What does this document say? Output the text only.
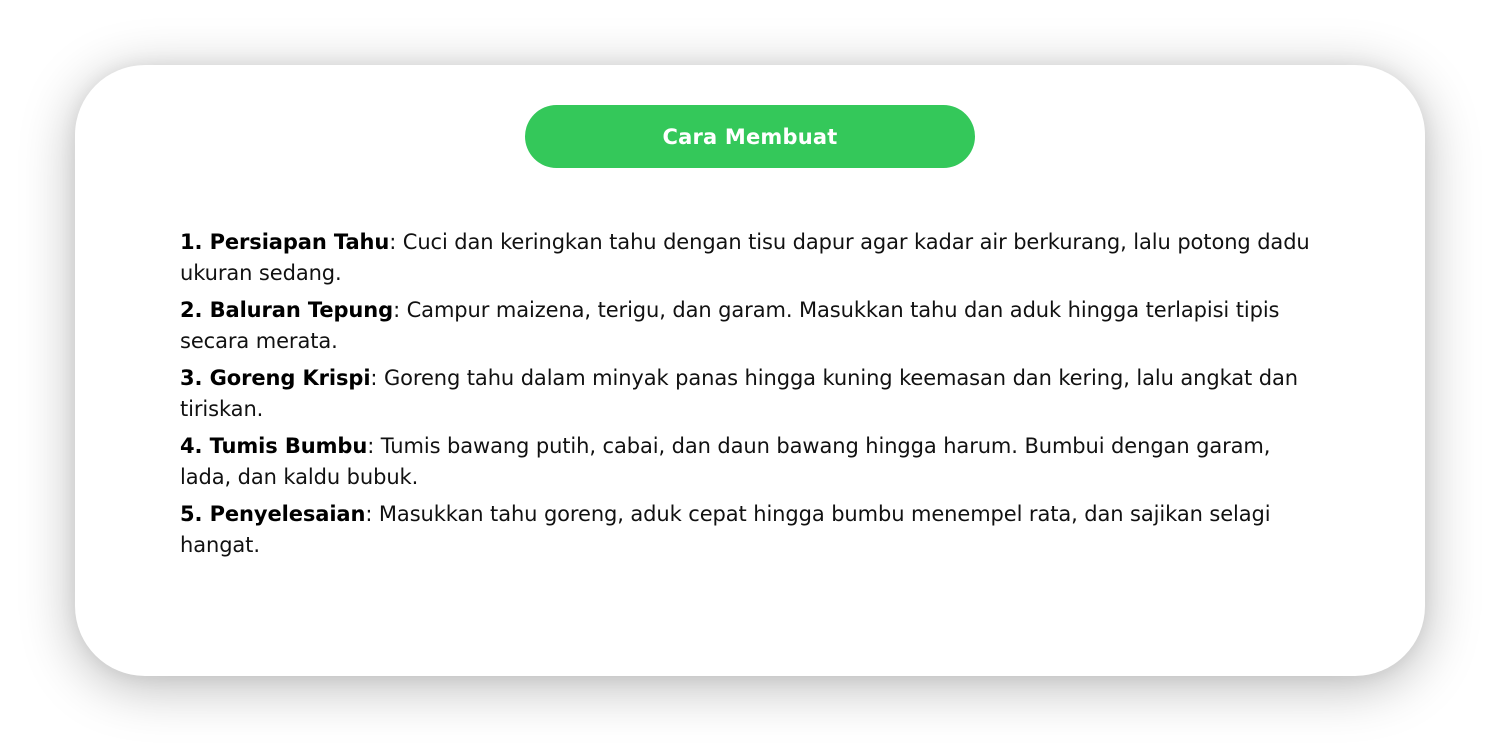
Cara Membuat
1. Persiapan Tahu: Cuci dan keringkan tahu dengan tisu dapur agar kadar air berkurang, lalu potong dadu ukuran sedang.
2. Baluran Tepung: Campur maizena, terigu, dan garam. Masukkan tahu dan aduk hingga terlapisi tipis secara merata.
3. Goreng Krispi: Goreng tahu dalam minyak panas hingga kuning keemasan dan kering, lalu angkat dan tiriskan.
4. Tumis Bumbu: Tumis bawang putih, cabai, dan daun bawang hingga harum. Bumbui dengan garam, lada, dan kaldu bubuk.
5. Penyelesaian: Masukkan tahu goreng, aduk cepat hingga bumbu menempel rata, dan sajikan selagi hangat.
